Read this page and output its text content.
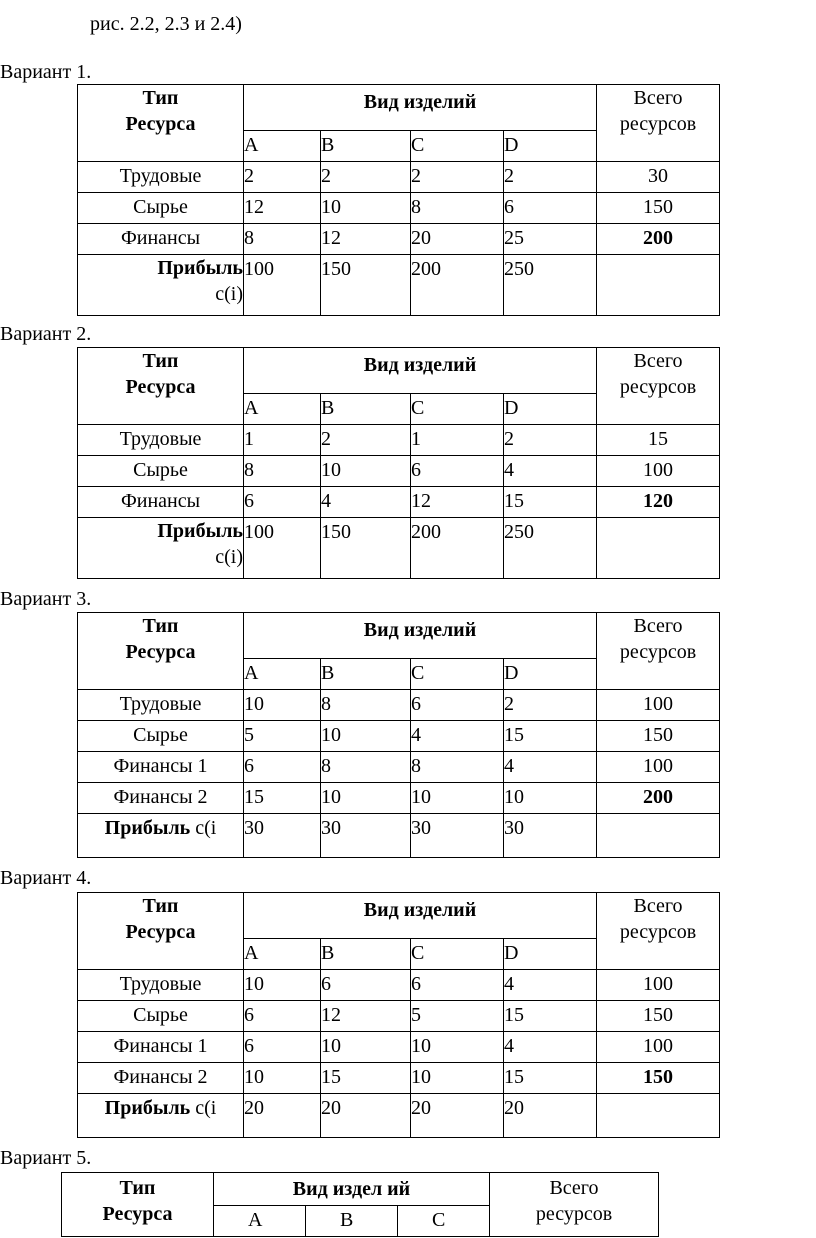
рис. 2.2, 2.3 и 2.4)
Вариант 1.
Тип
Ресурса	Вид изделий				Всего
ресурсов

	A	B	C	D	
Трудовые	2	2	2	2	30
Сырье	12	10	8	6	150
Финансы	8	12	20	25	200

Прибыль
c(i)	100	150	200	250	
Вариант 2.
Тип
Ресурса	Вид изделий				Всего
ресурсов

	A	B	C	D	
Трудовые	1	2	1	2	15
Сырье	8	10	6	4	100
Финансы	6	4	12	15	120

Прибыль
c(i)	100	150	200	250	
Вариант 3.
Тип
Ресурса	Вид изделий				Всего
ресурсов

	A	B	C	D	
Трудовые	10	8	6	2	100
Сырье	5	10	4	15	150
Финансы 1	6	8	8	4	100
Финансы 2	15	10	10	10	200
Прибыль c(i	30	30	30	30	
Вариант 4.
Тип
Ресурса	Вид изделий				Всего
ресурсов

	A	B	C	D	
Трудовые	10	6	6	4	100
Сырье	6	12	5	15	150
Финансы 1	6	10	10	4	100
Финансы 2	10	15	10	15	150
Прибыль c(i	20	20	20	20	
Вариант 5.
Тип
Ресурса	Вид издел ий			Всего
ресурсов

	A	B	C	
